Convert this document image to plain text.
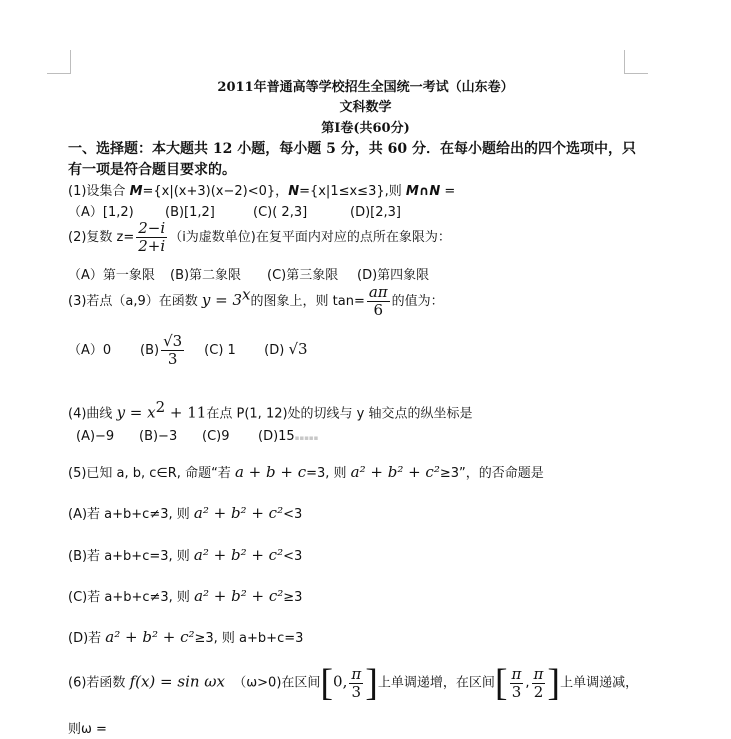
2011年普通高等学校招生全国统一考试（山东卷）
文科数学
第Ⅰ卷(共60分)
一、选择题：本大题共 12 小题，每小题 5 分，共 60 分．在每小题给出的四个选项中，只
有一项是符合题目要求的。
(1)设集合 M={x|(x+3)(x−2)<0}，N={x|1≤x≤3},则 M∩N =
（A）[1,2) (B)[1,2]	(C)( 2,3]	(D)[2,3]
(2)复数 $z= \frac{2-i}{2+i} (i$为虚数单位)在复平面内对应的点所在象限为：
（A）第一象限 (B)第二象限 (C)第三象限 (D)第四象限
(3)若点（a,9）在函数 $y = 3^x$的图象上，则 $\tan= \frac{a\pi}{6}$ 的值为：
（A）0 $(B) \frac{√3}{3} (C)$ 1 (D) √3
(4)曲线 $y = x^2 + 11$在点 P(1, 12)处的切线与 y 轴交点的纵坐标是
(A)−9 (B)−3 (C)9 (D)15▪▪▪▪▪
(5)已知 a, b, c∈R, 命题“若 a + b + c=3, 则 a² + b² + c²≥3”，的否命题是
(A)若 a+b+c≠3, 则 a² + b² + c²<3
(B)若 a+b+c=3, 则 a² + b² + c²<3
(C)若 a+b+c≠3, 则 a² + b² + c²≥3
(D)若 a² + b² + c²≥3, 则 a+b+c=3
(6)若函数 f(x) = sin ωx （ω>0)在区间[0, $\frac{\pi}{3}$ ]上单调递增，在区间[ $\frac{\pi}{3}$ , $\frac{\pi}{2}$ ]上单调递减，
则ω =
